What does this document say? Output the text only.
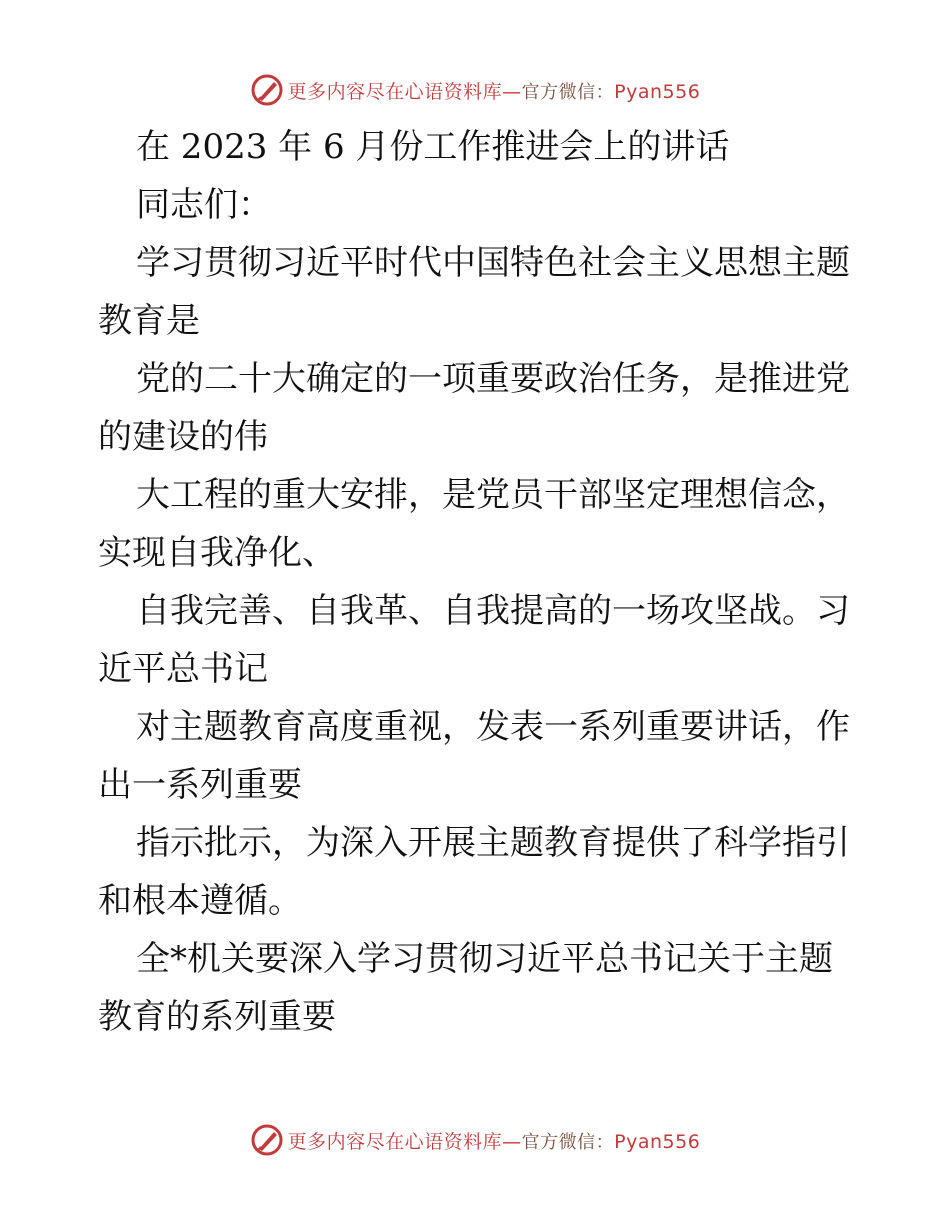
更多内容尽在心语资料库—官方微信：Pyan556

在 2023 年 6 月份工作推进会上的讲话

同志们：

学习贯彻习近平时代中国特色社会主义思想主题

教育是

党的二十大确定的一项重要政治任务，是推进党

的建设的伟

大工程的重大安排，是党员干部坚定理想信念，

实现自我净化、

自我完善、自我革、自我提高的一场攻坚战。习

近平总书记

对主题教育高度重视，发表一系列重要讲话，作

出一系列重要

指示批示，为深入开展主题教育提供了科学指引

和根本遵循。

全*机关要深入学习贯彻习近平总书记关于主题

教育的系列重要

更多内容尽在心语资料库—官方微信：Pyan556
